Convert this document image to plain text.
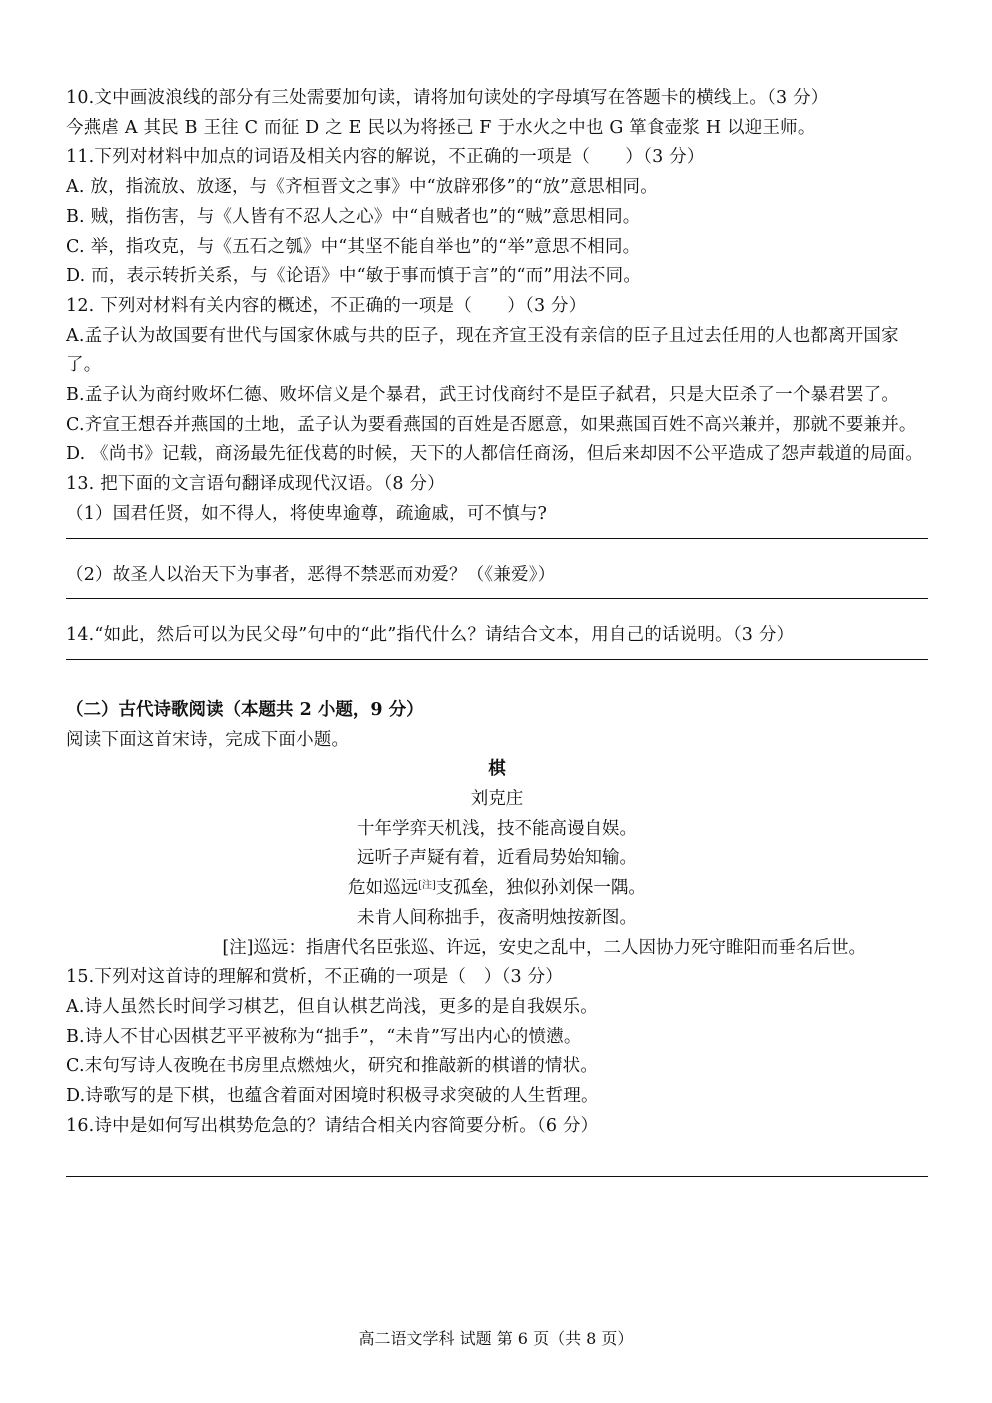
10.文中画波浪线的部分有三处需要加句读，请将加句读处的字母填写在答题卡的横线上。（3 分）
今燕虐 A 其民 B 王往 C 而征 D 之 E 民以为将拯己 F 于水火之中也 G 箪食壶浆 H 以迎王师。
11.下列对材料中加点的词语及相关内容的解说，不正确的一项是（　　）（3 分）
A. 放，指流放、放逐，与《齐桓晋文之事》中“放辟邪侈”的“放”意思相同。
B. 贼，指伤害，与《人皆有不忍人之心》中“自贼者也”的“贼”意思相同。
C. 举，指攻克，与《五石之瓠》中“其坚不能自举也”的“举”意思不相同。
D. 而，表示转折关系，与《论语》中“敏于事而慎于言”的“而”用法不同。
12. 下列对材料有关内容的概述，不正确的一项是（　　）（3 分）
A.孟子认为故国要有世代与国家休戚与共的臣子，现在齐宣王没有亲信的臣子且过去任用的人也都离开国家了。
B.孟子认为商纣败坏仁德、败坏信义是个暴君，武王讨伐商纣不是臣子弑君，只是大臣杀了一个暴君罢了。
C.齐宣王想吞并燕国的土地，孟子认为要看燕国的百姓是否愿意，如果燕国百姓不高兴兼并，那就不要兼并。
D. 《尚书》记载，商汤最先征伐葛的时候，天下的人都信任商汤，但后来却因不公平造成了怨声载道的局面。
13. 把下面的文言语句翻译成现代汉语。（8 分）
（1）国君任贤，如不得人，将使卑逾尊，疏逾戚，可不慎与?
（2）故圣人以治天下为事者，恶得不禁恶而劝爱？（《兼爱》）
14.“如此，然后可以为民父母”句中的“此”指代什么？请结合文本，用自己的话说明。（3 分）
（二）古代诗歌阅读（本题共 2 小题，9 分）
阅读下面这首宋诗，完成下面小题。
棋
刘克庄
十年学弈天机浅，技不能高谩自娱。
远听子声疑有着，近看局势始知输。
危如巡远[注]支孤垒，独似孙刘保一隅。
未肯人间称拙手，夜斋明烛按新图。
[注]巡远：指唐代名臣张巡、许远，安史之乱中，二人因协力死守睢阳而垂名后世。
15.下列对这首诗的理解和赏析，不正确的一项是（　）（3 分）
A.诗人虽然长时间学习棋艺，但自认棋艺尚浅，更多的是自我娱乐。
B.诗人不甘心因棋艺平平被称为“拙手”，“未肯”写出内心的愤懑。
C.末句写诗人夜晚在书房里点燃烛火，研究和推敲新的棋谱的情状。
D.诗歌写的是下棋，也蕴含着面对困境时积极寻求突破的人生哲理。
16.诗中是如何写出棋势危急的？请结合相关内容简要分析。（6 分）
高二语文学科 试题 第 6 页（共 8 页）
